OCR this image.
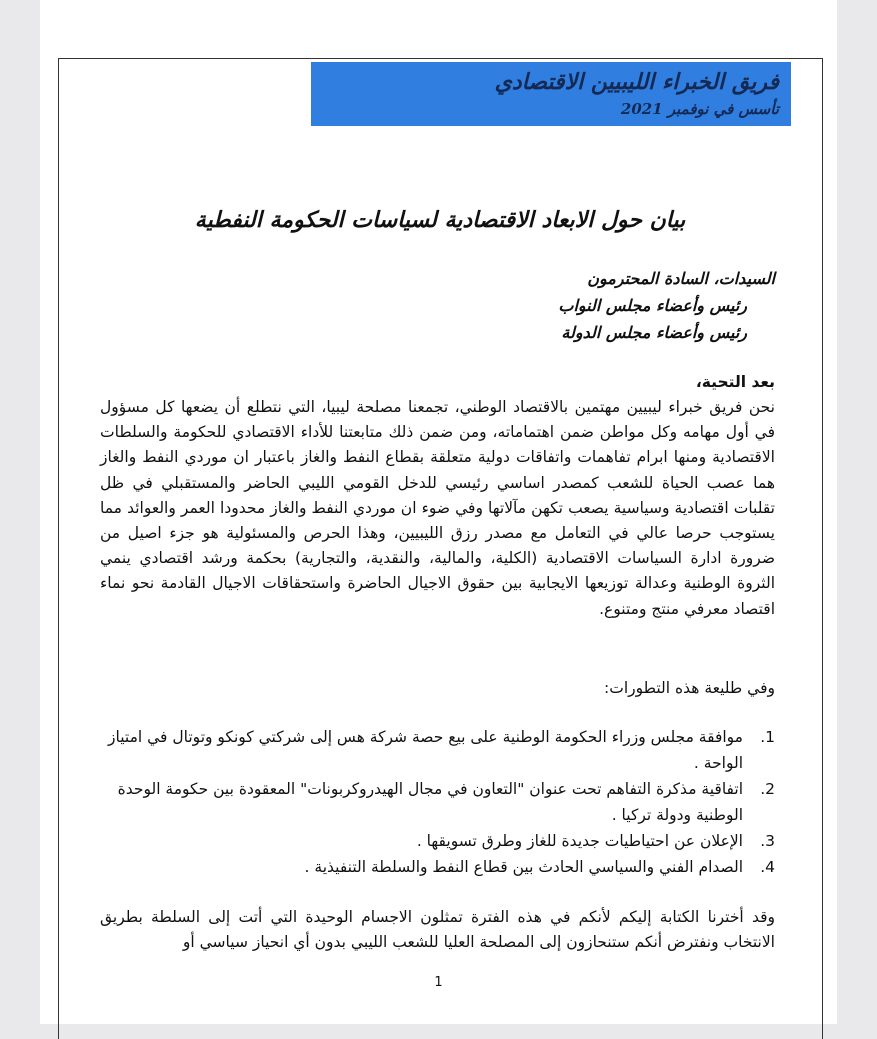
فريق الخبراء الليبيين الاقتصادي
تأسس في نوفمبر 2021
بيان حول الابعاد الاقتصادية لسياسات الحكومة النفطية
السيدات، السادة المحترمون
رئيس وأعضاء مجلس النواب
رئيس وأعضاء مجلس الدولة
بعد التحية،
نحن فريق خبراء ليبيين مهتمين بالاقتصاد الوطني، تجمعنا مصلحة ليبيا، التي نتطلع أن يضعها كل مسؤول في أول مهامه وكل مواطن ضمن اهتماماته، ومن ضمن ذلك متابعتنا للأداء الاقتصادي للحكومة والسلطات الاقتصادية ومنها ابرام تفاهمات واتفاقات دولية متعلقة بقطاع النفط والغاز باعتبار ان موردي النفط والغاز هما عصب الحياة للشعب كمصدر اساسي رئيسي للدخل القومي الليبي الحاضر والمستقبلي في ظل تقلبات اقتصادية وسياسية يصعب تكهن مآلاتها وفي ضوء ان موردي النفط والغاز محدودا العمر والعوائد مما يستوجب حرصا عالي في التعامل مع مصدر رزق الليبيين، وهذا الحرص والمسئولية هو جزء اصيل من ضرورة ادارة السياسات الاقتصادية (الكلية، والمالية، والنقدية، والتجارية) بحكمة ورشد اقتصادي ينمي الثروة الوطنية وعدالة توزيعها الايجابية بين حقوق الاجيال الحاضرة واستحقاقات الاجيال القادمة نحو نماء اقتصاد معرفي منتج ومتنوع.
وفي طليعة هذه التطورات:
1.
موافقة مجلس وزراء الحكومة الوطنية على بيع حصة شركة هس إلى شركتي كونكو وتوتال في امتياز الواحة .
2.
اتفاقية مذكرة التفاهم تحت عنوان "التعاون في مجال الهيدروكربونات" المعقودة بين حكومة الوحدة الوطنية ودولة تركيا .
3.
الإعلان عن احتياطيات جديدة للغاز وطرق تسويقها .
4.
الصدام الفني والسياسي الحادث بين قطاع النفط والسلطة التنفيذية .
وقد أخترنا الكتابة إليكم لأنكم في هذه الفترة تمثلون الاجسام الوحيدة التي أتت إلى السلطة بطريق الانتخاب ونفترض أنكم ستنحازون إلى المصلحة العليا للشعب الليبي بدون أي انحياز سياسي أو
1
